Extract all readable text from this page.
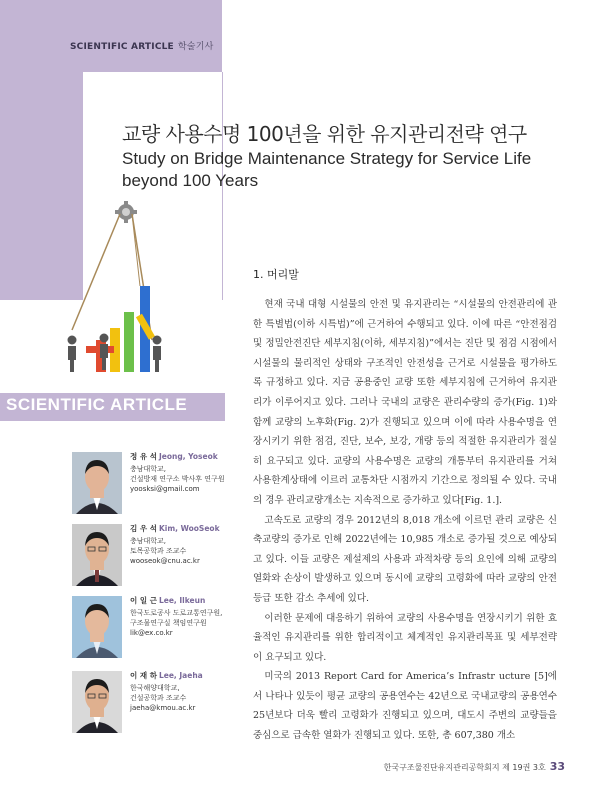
SCIENTIFIC ARTICLE 학술기사
교량 사용수명 100년을 위한 유지관리전략 연구
Study on Bridge Maintenance Strategy for Service Life beyond 100 Years
SCIENTIFIC ARTICLE
정 유 석 Jeong, Yoseok
충남대학교,
건설방재 연구소 박사후 연구원
yoosksi@gmail.com
김 우 석 Kim, WooSeok
충남대학교,
토목공학과 조교수
wooseok@cnu.ac.kr
이 일 근 Lee, Ilkeun
한국도로공사 도로교통연구원,
구조물연구실 책임연구원
lik@ex.co.kr
이 재 하 Lee, Jaeha
한국해양대학교,
건설공학과 조교수
jaeha@kmou.ac.kr
1. 머리말

현재 국내 대형 시설물의 안전 및 유지관리는 “시설물의 안전관리에 관한 특별법(이하 시특법)”에 근거하여 수행되고 있다. 이에 따른 “안전점검 및 정밀안전진단 세부지침(이하, 세부지침)”에서는 진단 및 점검 시점에서 시설물의 물리적인 상태와 구조적인 안전성을 근거로 시설물을 평가하도록 규정하고 있다. 지금 공용중인 교량 또한 세부지침에 근거하여 유지관리가 이루어지고 있다. 그러나 국내의 교량은 관리수량의 증가(Fig. 1)와 함께 교량의 노후화(Fig. 2)가 진행되고 있으며 이에 따라 사용수명을 연장시키기 위한 점검, 진단, 보수, 보강, 개량 등의 적절한 유지관리가 절실히 요구되고 있다. 교량의 사용수명은 교량의 개통부터 유지관리를 거쳐 사용한계상태에 이르러 교통차단 시점까지 기간으로 정의될 수 있다. 국내의 경우 관리교량개소는 지속적으로 증가하고 있다[Fig. 1.].

고속도로 교량의 경우 2012년의 8,018 개소에 이르던 관리 교량은 신축교량의 증가로 인해 2022년에는 10,985 개소로 증가될 것으로 예상되고 있다. 이들 교량은 제설제의 사용과 과적차량 등의 요인에 의해 교량의 열화와 손상이 발생하고 있으며 동시에 교량의 고령화에 따라 교량의 안전등급 또한 감소 추세에 있다.

이러한 문제에 대응하기 위하여 교량의 사용수명을 연장시키기 위한 효율적인 유지관리를 위한 합리적이고 체계적인 유지관리목표 및 세부전략이 요구되고 있다.

미국의 2013 Report Card for America’s Infrastr ucture [5]에서 나타나 있듯이 평균 교량의 공용연수는 42년으로 국내교량의 공용연수 25년보다 더욱 빨리 고령화가 진행되고 있으며, 대도시 주변의 교량들을 중심으로 급속한 열화가 진행되고 있다. 또한, 총 607,380 개소

한국구조물진단유지관리공학회지 제 19권 3호 33
